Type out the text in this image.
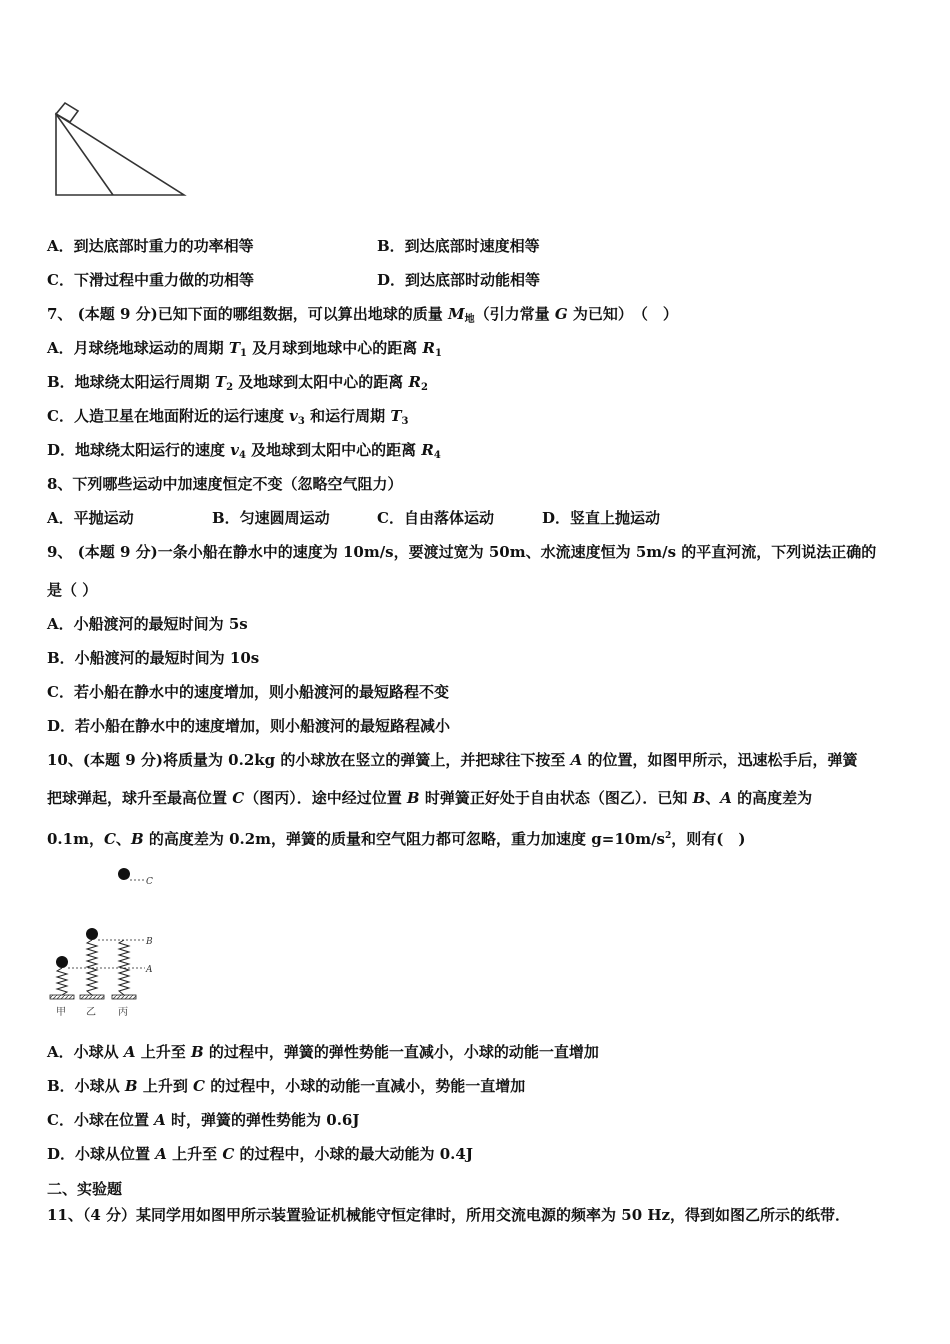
A．到达底部时重力的功率相等	B．到达底部时速度相等
C．下滑过程中重力做的功相等	D．到达底部时动能相等
7、 (本题 9 分)已知下面的哪组数据，可以算出地球的质量 $M_地$（引力常量 G 为已知）　（　）
A．月球绕地球运动的周期 $T_1$ 及月球到地球中心的距离 $R_1$
B．地球绕太阳运行周期 $T_2$ 及地球到太阳中心的距离 $R_2$
C．人造卫星在地面附近的运行速度 $v_3$ 和运行周期 $T_3$
D．地球绕太阳运行的速度 $v_4$ 及地球到太阳中心的距离 $R_4$
8、下列哪些运动中加速度恒定不变（忽略空气阻力）
A．平抛运动	B．匀速圆周运动	C．自由落体运动	D．竖直上抛运动
9、 (本题 9 分)一条小船在静水中的速度为 10m/s，要渡过宽为 50m、水流速度恒为 5m/s 的平直河流，下列说法正确的
是（ ）
A．小船渡河的最短时间为 5s
B．小船渡河的最短时间为 10s
C．若小船在静水中的速度增加，则小船渡河的最短路程不变
D．若小船在静水中的速度增加，则小船渡河的最短路程减小
10、(本题 9 分)将质量为 0.2kg 的小球放在竖立的弹簧上，并把球往下按至 A 的位置，如图甲所示，迅速松手后，弹簧
把球弹起，球升至最高位置 C（图丙）．途中经过位置 B 时弹簧正好处于自由状态（图乙）．已知 B、A 的高度差为
0.1m，C、B 的高度差为 0.2m，弹簧的质量和空气阻力都可忽略，重力加速度 $g=10m/s^2$，则有(　)
C
B
A
甲 乙 丙
A．小球从 A 上升至 B 的过程中，弹簧的弹性势能一直减小，小球的动能一直增加
B．小球从 B 上升到 C 的过程中，小球的动能一直减小，势能一直增加
C．小球在位置 A 时，弹簧的弹性势能为 0.6J
D．小球从位置 A 上升至 C 的过程中，小球的最大动能为 0.4J
二、实验题
11、（4 分）某同学用如图甲所示装置验证机械能守恒定律时，所用交流电源的频率为 50 Hz，得到如图乙所示的纸带．
